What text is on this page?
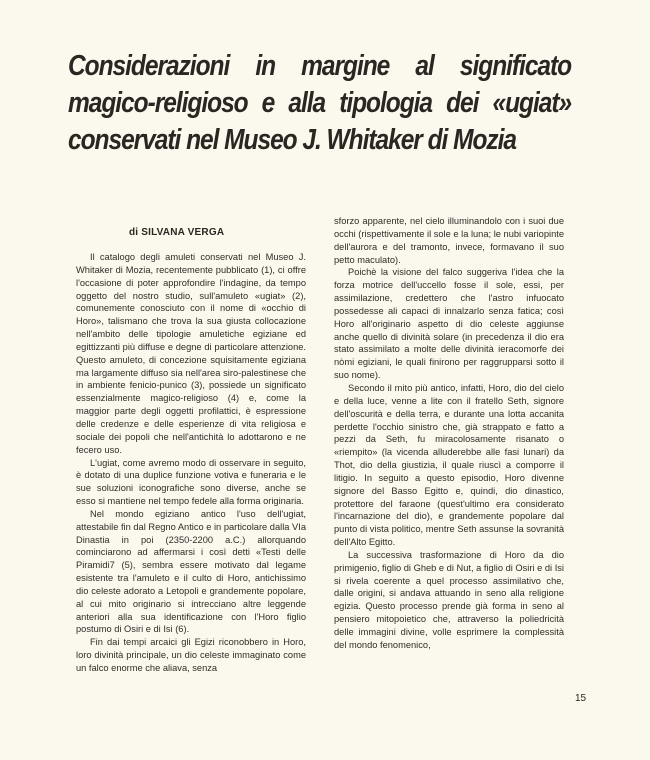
Considerazioni in margine al significato
magico-religioso e alla tipologia dei «ugiat»
conservati nel Museo J. Whitaker di Mozia
di SILVANA VERGA

Il catalogo degli amuleti conservati nel Museo J. Whitaker di Mozia, recentemente pubblicato (1), ci offre l'occasione di poter approfondire l'indagine, da tempo oggetto del nostro studio, sull'amuleto «ugiat» (2), comunemente conosciuto con il nome di «occhio di Horo», talismano che trova la sua giusta collocazione nell'ambito delle tipologie amuletiche egiziane ed egittizzanti più diffuse e degne di particolare attenzione. Questo amuleto, di concezione squisitamente egiziana ma largamente diffuso sia nell'area siro-palestinese che in ambiente fenicio-punico (3), possiede un significato essenzialmente magico-religioso (4) e, come la maggior parte degli oggetti profilattici, è espressione delle credenze e delle esperienze di vita religiosa e sociale dei popoli che nell'antichità lo adottarono e ne fecero uso.

L'ugiat, come avremo modo di osservare in seguito, è dotato di una duplice funzione votiva e funeraria e le sue soluzioni iconografiche sono diverse, anche se esso si mantiene nel tempo fedele alla forma originaria.

Nel mondo egiziano antico l'uso dell'ugiat, attestabile fin dal Regno Antico e in particolare dalla VIa Dinastia in poi (2350-2200 a.C.) allorquando cominciarono ad affermarsi i così detti «Testi delle Piramidi7 (5), sembra essere motivato dal legame esistente tra l'amuleto e il culto di Horo, antichissimo dio celeste adorato a Letopoli e grandemente popolare, al cui mito originario si intrecciano altre leggende anteriori alla sua identificazione con l'Horo figlio postumo di Osiri e di Isi (6).

Fin dai tempi arcaici gli Egizi riconobbero in Horo, loro divinità principale, un dio celeste immaginato come un falco enorme che aliava, senza

sforzo apparente, nel cielo illuminandolo con i suoi due occhi (rispettivamente il sole e la luna; le nubi variopinte dell'aurora e del tramonto, invece, formavano il suo petto maculato).

Poichè la visione del falco suggeriva l'idea che la forza motrice dell'uccello fosse il sole, essi, per assimilazione, credettero che l'astro infuocato possedesse ali capaci di innalzarlo senza fatica; così Horo all'originario aspetto di dio celeste aggiunse anche quello di divinità solare (in precedenza il dio era stato assimilato a molte delle divinità ieracomorfe dei nòmi egiziani, le quali finirono per raggrupparsi sotto il suo nome).

Secondo il mito più antico, infatti, Horo, dio del cielo e della luce, venne a lite con il fratello Seth, signore dell'oscurità e della terra, e durante una lotta accanita perdette l'occhio sinistro che, già strappato e fatto a pezzi da Seth, fu miracolosamente risanato o «riempito» (la vicenda alluderebbe alle fasi lunari) da Thot, dio della giustizia, il quale riuscì a comporre il litigio. In seguito a questo episodio, Horo divenne signore del Basso Egitto e, quindi, dio dinastico, protettore del faraone (quest'ultimo era considerato l'incarnazione del dio), e grandemente popolare dal punto di vista politico, mentre Seth assunse la sovranità dell'Alto Egitto.

La successiva trasformazione di Horo da dio primigenio, figlio di Gheb e di Nut, a figlio di Osiri e di Isi si rivela coerente a quel processo assimilativo che, dalle origini, si andava attuando in seno alla religione egizia. Questo processo prende già forma in seno al pensiero mitopoietico che, attraverso la poliedricità delle immagini divine, volle esprimere la complessità del mondo fenomenico,

15
